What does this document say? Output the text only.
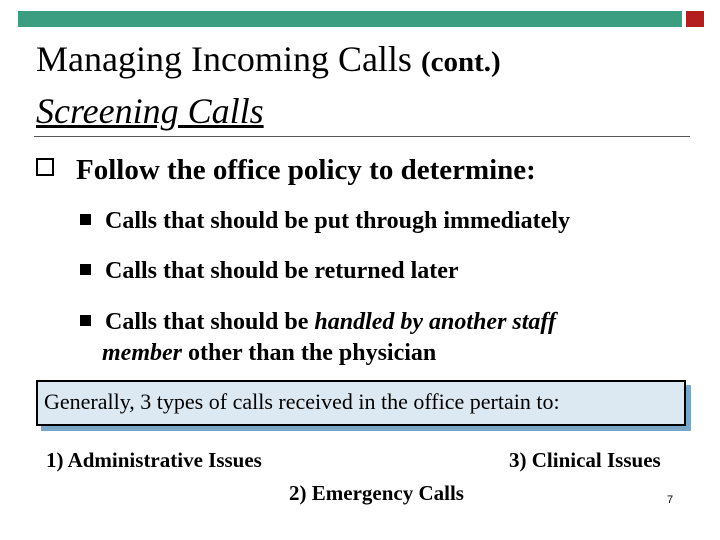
Managing Incoming Calls (cont.)
Screening Calls
Follow the office policy to determine:
Calls that should be put through immediately
Calls that should be returned later
Calls that should be handled by another staff
member other than the physician
Generally, 3 types of calls received in the office pertain to:
1) Administrative Issues
2) Emergency Calls
3) Clinical Issues
7
